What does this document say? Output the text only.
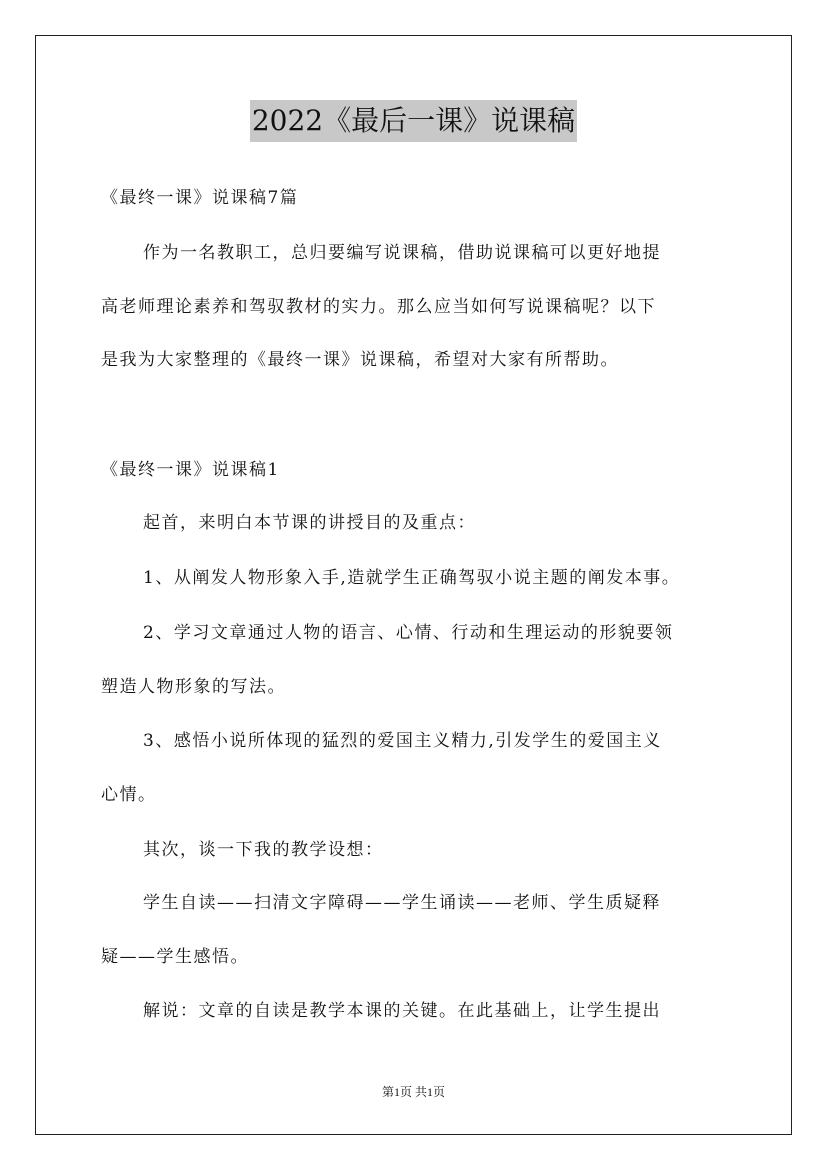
2022《最后一课》说课稿
《最终一课》说课稿7篇
作为一名教职工，总归要编写说课稿，借助说课稿可以更好地提
高老师理论素养和驾驭教材的实力。那么应当如何写说课稿呢？以下
是我为大家整理的《最终一课》说课稿，希望对大家有所帮助。
《最终一课》说课稿1
起首，来明白本节课的讲授目的及重点：
1、从阐发人物形象入手,造就学生正确驾驭小说主题的阐发本事。
2、学习文章通过人物的语言、心情、行动和生理运动的形貌要领
塑造人物形象的写法。
3、感悟小说所体现的猛烈的爱国主义精力,引发学生的爱国主义
心情。
其次，谈一下我的教学设想：
学生自读——扫清文字障碍——学生诵读——老师、学生质疑释
疑——学生感悟。
解说：文章的自读是教学本课的关键。在此基础上，让学生提出
第1页 共1页
